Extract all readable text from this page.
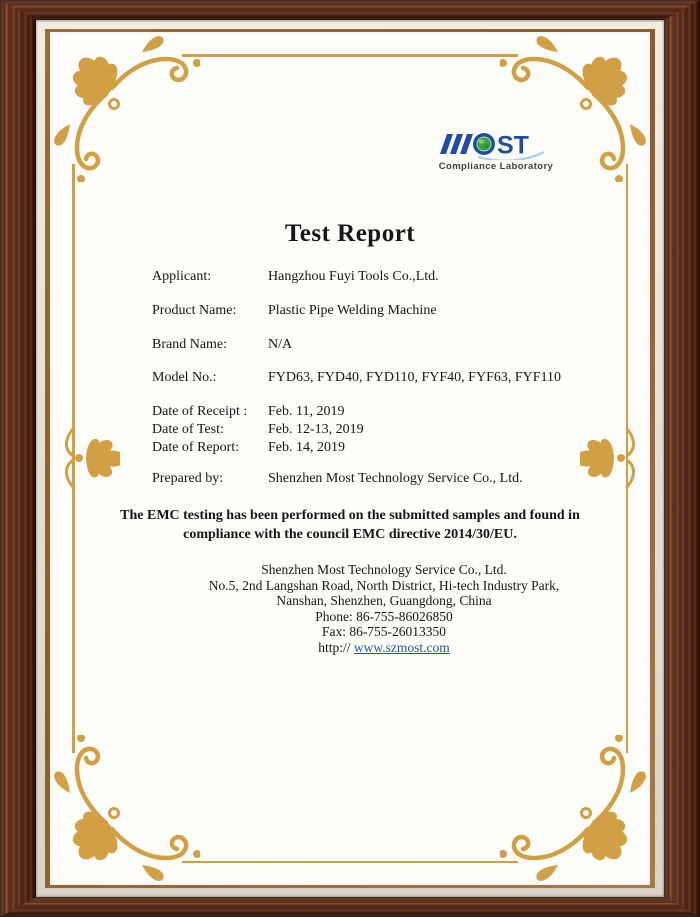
ST
Compliance Laboratory
Test Report
Applicant:	Hangzhou Fuyi Tools Co.,Ltd.
Product Name:	Plastic Pipe Welding Machine
Brand Name:	N/A
Model No.:	FYD63, FYD40, FYD110, FYF40, FYF63, FYF110
Date of Receipt :	Feb. 11, 2019
Date of Test:	Feb. 12-13, 2019
Date of Report:	Feb. 14, 2019
Prepared by:	Shenzhen Most Technology Service Co., Ltd.
The EMC testing has been performed on the submitted samples and found in
compliance with the council EMC directive 2014/30/EU.
Shenzhen Most Technology Service Co., Ltd.
No.5, 2nd Langshan Road, North District, Hi-tech Industry Park,
Nanshan, Shenzhen, Guangdong, China
Phone: 86-755-86026850
Fax: 86-755-26013350
http:// www.szmost.com
